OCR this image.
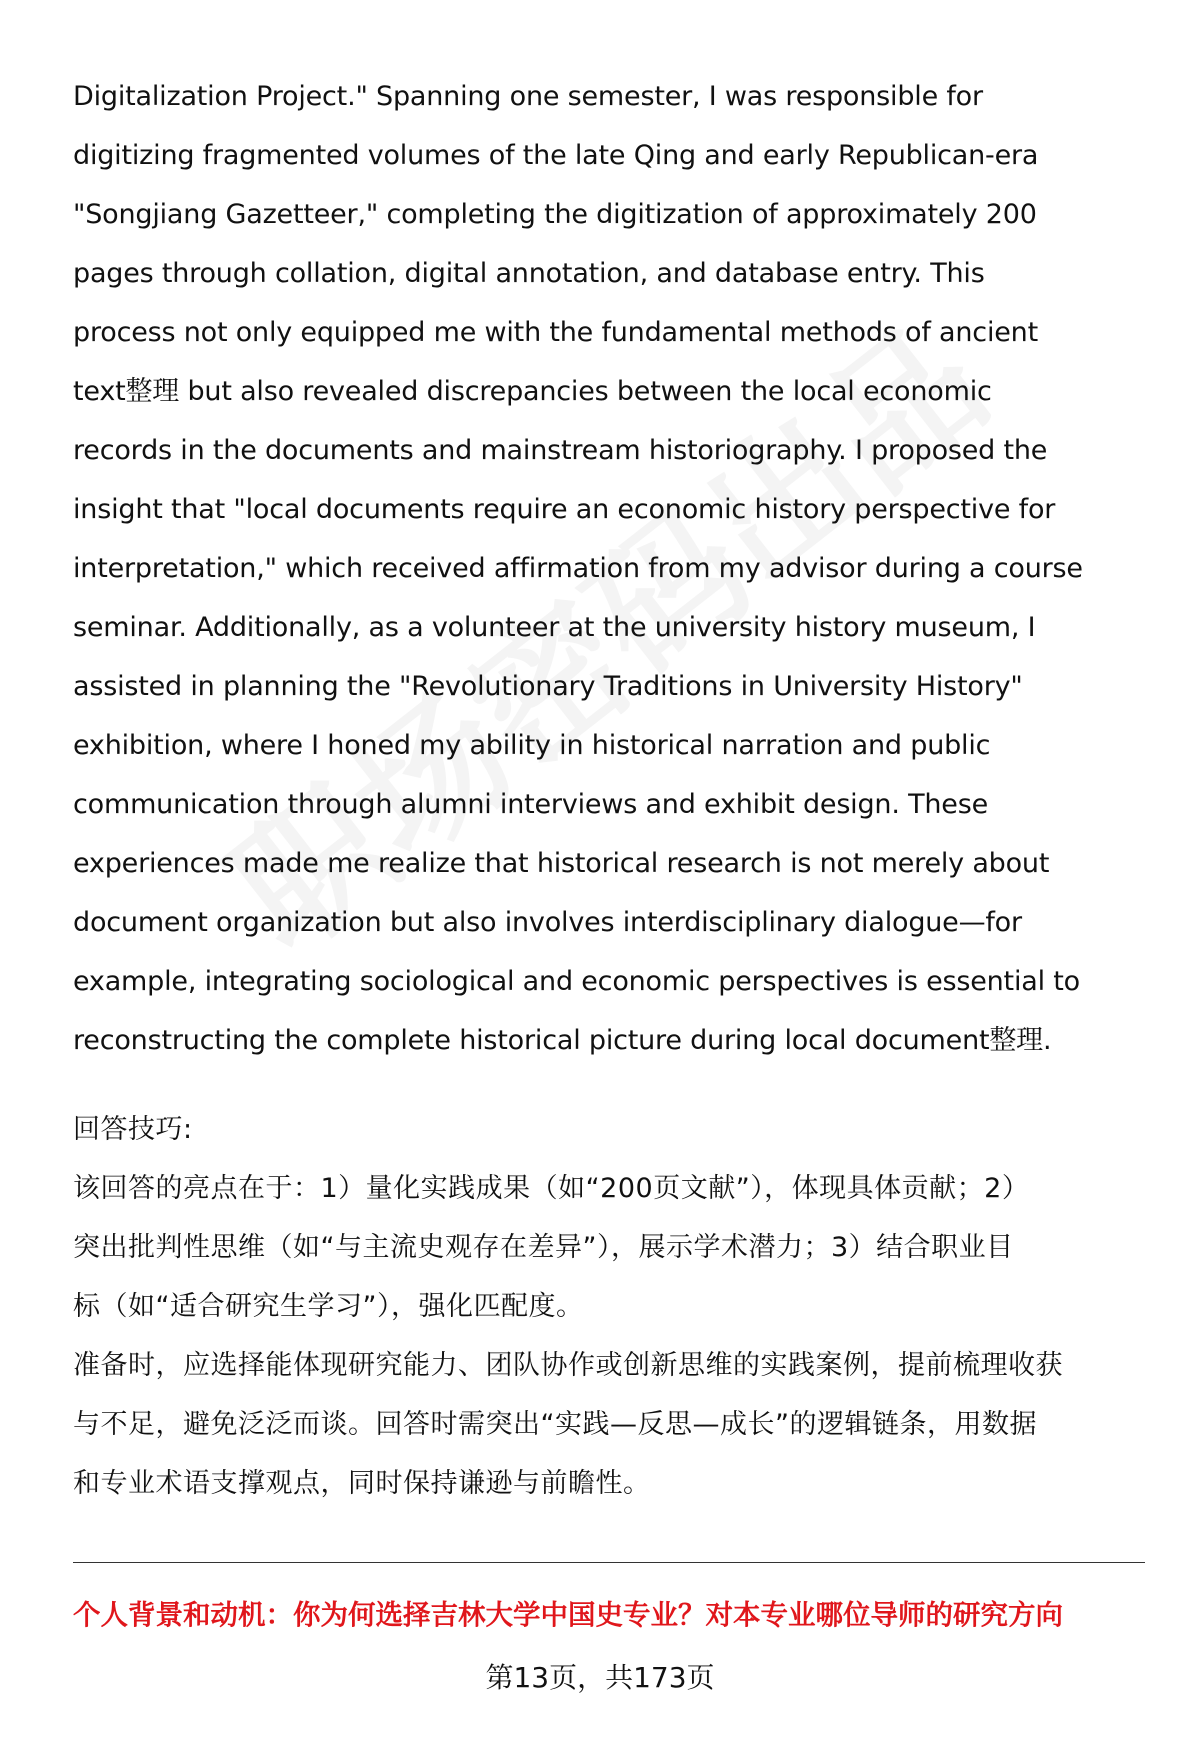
Digitalization Project." Spanning one semester, I was responsible for
digitizing fragmented volumes of the late Qing and early Republican-era
"Songjiang Gazetteer," completing the digitization of approximately 200
pages through collation, digital annotation, and database entry. This
process not only equipped me with the fundamental methods of ancient
text整理 but also revealed discrepancies between the local economic
records in the documents and mainstream historiography. I proposed the
insight that "local documents require an economic history perspective for
interpretation," which received affirmation from my advisor during a course
seminar. Additionally, as a volunteer at the university history museum, I
assisted in planning the "Revolutionary Traditions in University History"
exhibition, where I honed my ability in historical narration and public
communication through alumni interviews and exhibit design. These
experiences made me realize that historical research is not merely about
document organization but also involves interdisciplinary dialogue—for
example, integrating sociological and economic perspectives is essential to
reconstructing the complete historical picture during local document整理.
回答技巧:
该回答的亮点在于：1）量化实践成果（如“200页文献”），体现具体贡献；2）
突出批判性思维（如“与主流史观存在差异”），展示学术潜力；3）结合职业目
标（如“适合研究生学习”），强化匹配度。
准备时，应选择能体现研究能力、团队协作或创新思维的实践案例，提前梳理收获
与不足，避免泛泛而谈。回答时需突出“实践—反思—成长”的逻辑链条，用数据
和专业术语支撑观点，同时保持谦逊与前瞻性。
个人背景和动机：你为何选择吉林大学中国史专业？对本专业哪位导师的研究方向
第13页，共173页
